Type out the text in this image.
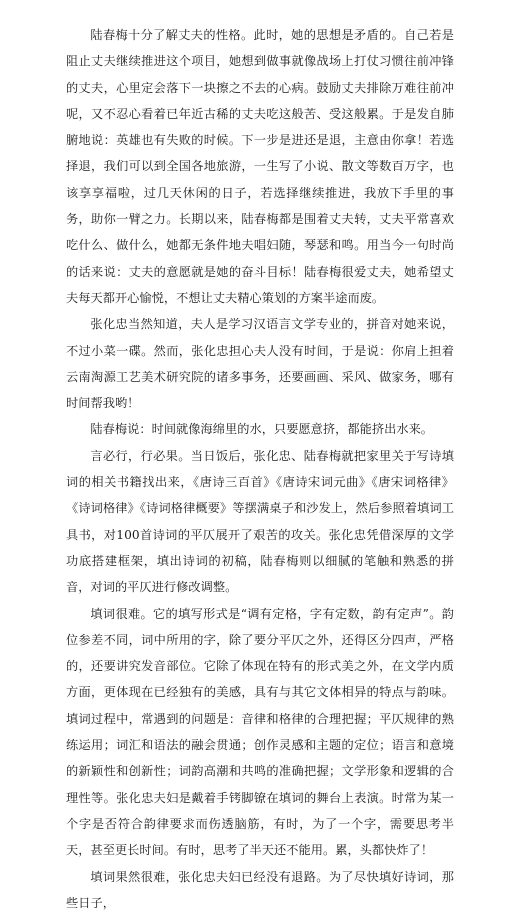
陆春梅十分了解丈夫的性格。此时，她的思想是矛盾的。自己若是阻止丈夫继续推进这个项目，她想到做事就像战场上打仗习惯往前冲锋的丈夫，心里定会落下一块擦之不去的心病。鼓励丈夫排除万难往前冲呢，又不忍心看着已年近古稀的丈夫吃这般苦、受这般累。于是发自肺腑地说：英雄也有失败的时候。下一步是进还是退，主意由你拿！若选择退，我们可以到全国各地旅游，一生写了小说、散文等数百万字，也该享享福啦，过几天休闲的日子，若选择继续推进，我放下手里的事务，助你一臂之力。长期以来，陆春梅都是围着丈夫转，丈夫平常喜欢吃什么、做什么，她都无条件地夫唱妇随，琴瑟和鸣。用当今一句时尚的话来说：丈夫的意愿就是她的奋斗目标！陆春梅很爱丈夫，她希望丈夫每天都开心愉悦，不想让丈夫精心策划的方案半途而废。

张化忠当然知道，夫人是学习汉语言文学专业的，拼音对她来说，不过小菜一碟。然而，张化忠担心夫人没有时间，于是说：你肩上担着云南淘源工艺美术研究院的诸多事务，还要画画、采风、做家务，哪有时间帮我哟！

陆春梅说：时间就像海绵里的水，只要愿意挤，都能挤出水来。

言必行，行必果。当日饭后，张化忠、陆春梅就把家里关于写诗填词的相关书籍找出来，《唐诗三百首》《唐诗宋词元曲》《唐宋词格律》《诗词格律》《诗词格律概要》等摆满桌子和沙发上，然后参照着填词工具书，对100首诗词的平仄展开了艰苦的攻关。张化忠凭借深厚的文学功底搭建框架，填出诗词的初稿，陆春梅则以细腻的笔触和熟悉的拼音，对词的平仄进行修改调整。

填词很难。它的填写形式是“调有定格，字有定数，韵有定声”。韵位参差不同，词中所用的字，除了要分平仄之外，还得区分四声，严格的，还要讲究发音部位。它除了体现在特有的形式美之外，在文学内质方面，更体现在已经独有的美感，具有与其它文体相异的特点与韵味。填词过程中，常遇到的问题是：音律和格律的合理把握；平仄规律的熟练运用；词汇和语法的融会贯通；创作灵感和主题的定位；语言和意境的新颖性和创新性；词韵高潮和共鸣的准确把握；文学形象和逻辑的合理性等。张化忠夫妇是戴着手铐脚镣在填词的舞台上表演。时常为某一个字是否符合韵律要求而伤透脑筋，有时，为了一个字，需要思考半天，甚至更长时间。有时，思考了半天还不能用。累，头都快炸了！

填词果然很难，张化忠夫妇已经没有退路。为了尽快填好诗词，那些日子，
